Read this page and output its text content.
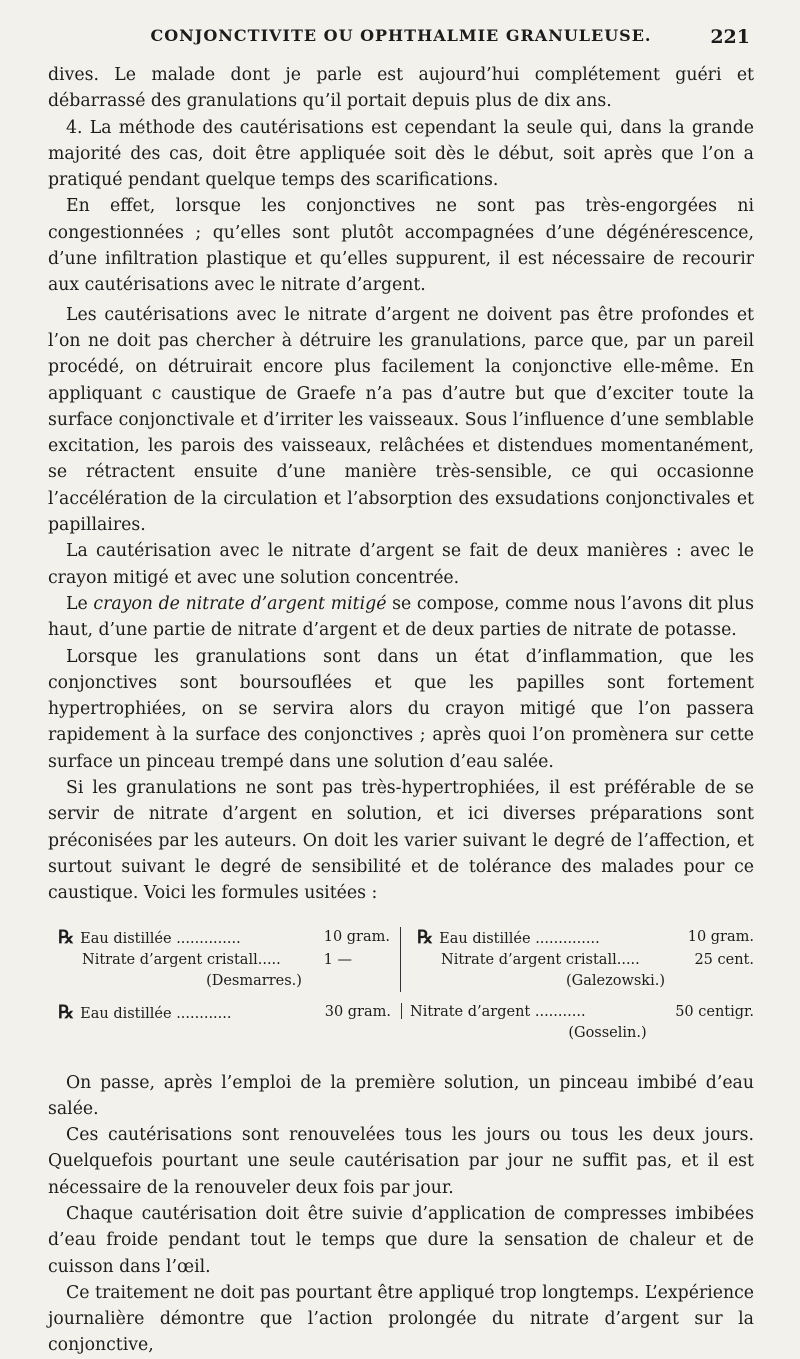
CONJONCTIVITE OU OPHTHALMIE GRANULEUSE.	221

dives. Le malade dont je parle est aujourd’hui complétement guéri et débarrassé des granulations qu’il portait depuis plus de dix ans.

4. La méthode des cautérisations est cependant la seule qui, dans la grande majorité des cas, doit être appliquée soit dès le début, soit après que l’on a pratiqué pendant quelque temps des scarifications.

En effet, lorsque les conjonctives ne sont pas très-engorgées ni congestionnées ; qu’elles sont plutôt accompagnées d’une dégénérescence, d’une infiltration plastique et qu’elles suppurent, il est nécessaire de recourir aux cautérisations avec le nitrate d’argent.

Les cautérisations avec le nitrate d’argent ne doivent pas être profondes et l’on ne doit pas chercher à détruire les granulations, parce que, par un pareil procédé, on détruirait encore plus facilement la conjonctive elle-même. En appliquant c caustique de Graefe n’a pas d’autre but que d’exciter toute la surface conjonctivale et d’irriter les vaisseaux. Sous l’influence d’une semblable excitation, les parois des vaisseaux, relâchées et distendues momentanément, se rétractent ensuite d’une manière très-sensible, ce qui occasionne l’accélération de la circulation et l’absorption des exsudations conjonctivales et papillaires.

La cautérisation avec le nitrate d’argent se fait de deux manières : avec le crayon mitigé et avec une solution concentrée.

Le crayon de nitrate d’argent mitigé se compose, comme nous l’avons dit plus haut, d’une partie de nitrate d’argent et de deux parties de nitrate de potasse.

Lorsque les granulations sont dans un état d’inflammation, que les conjonctives sont boursouflées et que les papilles sont fortement hypertrophiées, on se servira alors du crayon mitigé que l’on passera rapidement à la surface des conjonctives ; après quoi l’on promènera sur cette surface un pinceau trempé dans une solution d’eau salée.

Si les granulations ne sont pas très-hypertrophiées, il est préférable de se servir de nitrate d’argent en solution, et ici diverses préparations sont préconisées par les auteurs. On doit les varier suivant le degré de l’affection, et surtout suivant le degré de sensibilité et de tolérance des malades pour ce caustique. Voici les formules usitées :

℞ Eau distillée ..............	10 gram.
Nitrate d’argent cristall.....	1 —
(Desmarres.)
℞ Eau distillée ..............	10 gram.
Nitrate d’argent cristall.....	25 cent.
(Galezowski.)
℞ Eau distillée ............	30 gram.	Nitrate d’argent ...........	50 centigr.
(Gosselin.)

On passe, après l’emploi de la première solution, un pinceau imbibé d’eau salée.

Ces cautérisations sont renouvelées tous les jours ou tous les deux jours. Quelquefois pourtant une seule cautérisation par jour ne suffit pas, et il est nécessaire de la renouveler deux fois par jour.

Chaque cautérisation doit être suivie d’application de compresses imbibées d’eau froide pendant tout le temps que dure la sensation de chaleur et de cuisson dans l’œil.

Ce traitement ne doit pas pourtant être appliqué trop longtemps. L’expérience journalière démontre que l’action prolongée du nitrate d’argent sur la conjonctive,
